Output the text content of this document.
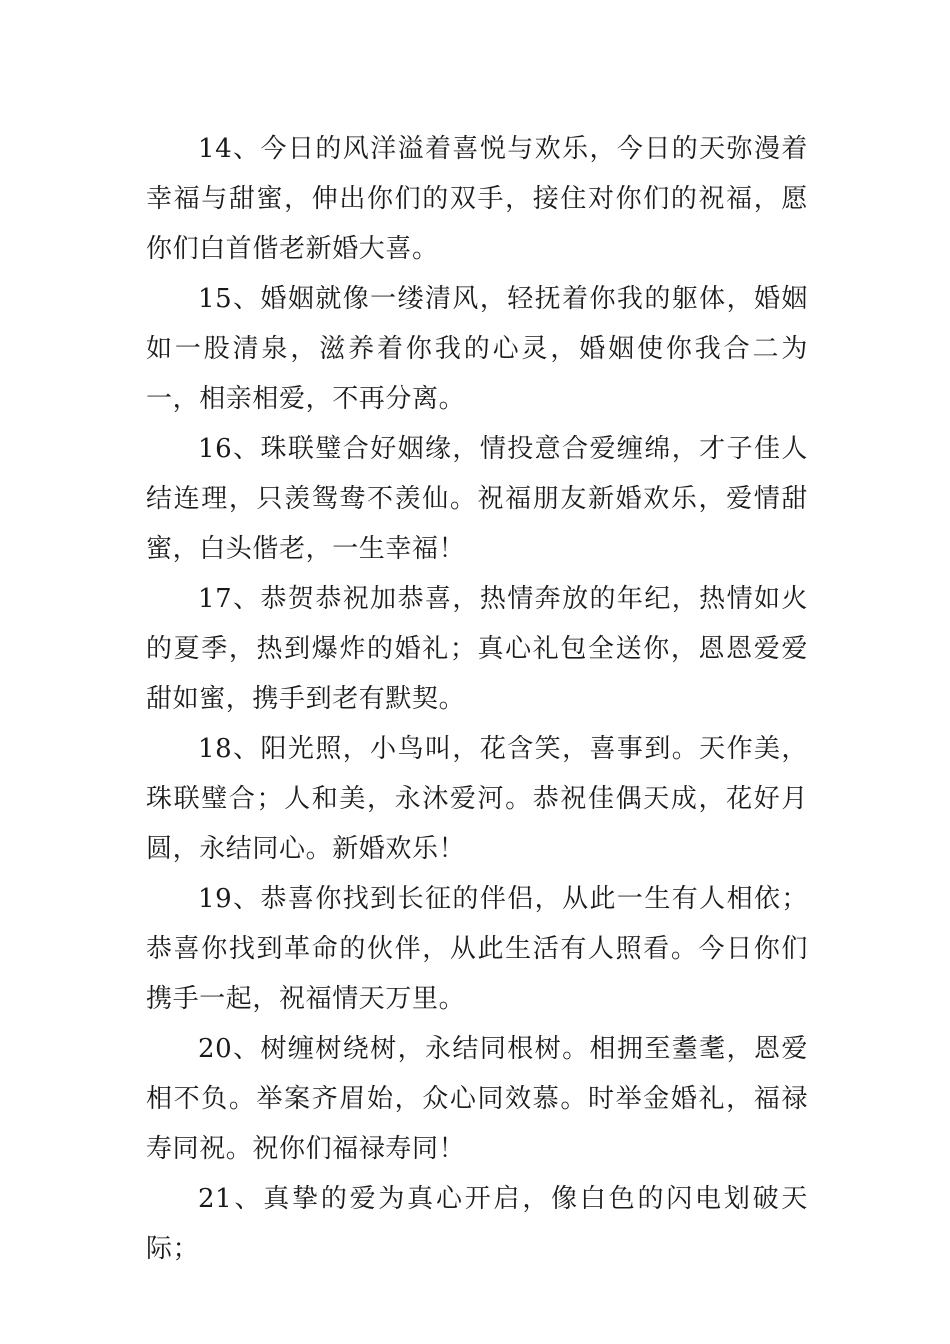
14、今日的风洋溢着喜悦与欢乐，今日的天弥漫着幸福与甜蜜，伸出你们的双手，接住对你们的祝福，愿你们白首偕老新婚大喜。

15、婚姻就像一缕清风，轻抚着你我的躯体，婚姻如一股清泉，滋养着你我的心灵，婚姻使你我合二为一，相亲相爱，不再分离。

16、珠联璧合好姻缘，情投意合爱缠绵，才子佳人结连理，只羡鸳鸯不羡仙。祝福朋友新婚欢乐，爱情甜蜜，白头偕老，一生幸福！

17、恭贺恭祝加恭喜，热情奔放的年纪，热情如火的夏季，热到爆炸的婚礼；真心礼包全送你，恩恩爱爱甜如蜜，携手到老有默契。

18、阳光照，小鸟叫，花含笑，喜事到。天作美，珠联璧合；人和美，永沐爱河。恭祝佳偶天成，花好月圆，永结同心。新婚欢乐！

19、恭喜你找到长征的伴侣，从此一生有人相依；恭喜你找到革命的伙伴，从此生活有人照看。今日你们携手一起，祝福情天万里。

20、树缠树绕树，永结同根树。相拥至耋耄，恩爱相不负。举案齐眉始，众心同效慕。时举金婚礼，福禄寿同祝。祝你们福禄寿同！

21、真挚的爱为真心开启，像白色的闪电划破天际；
